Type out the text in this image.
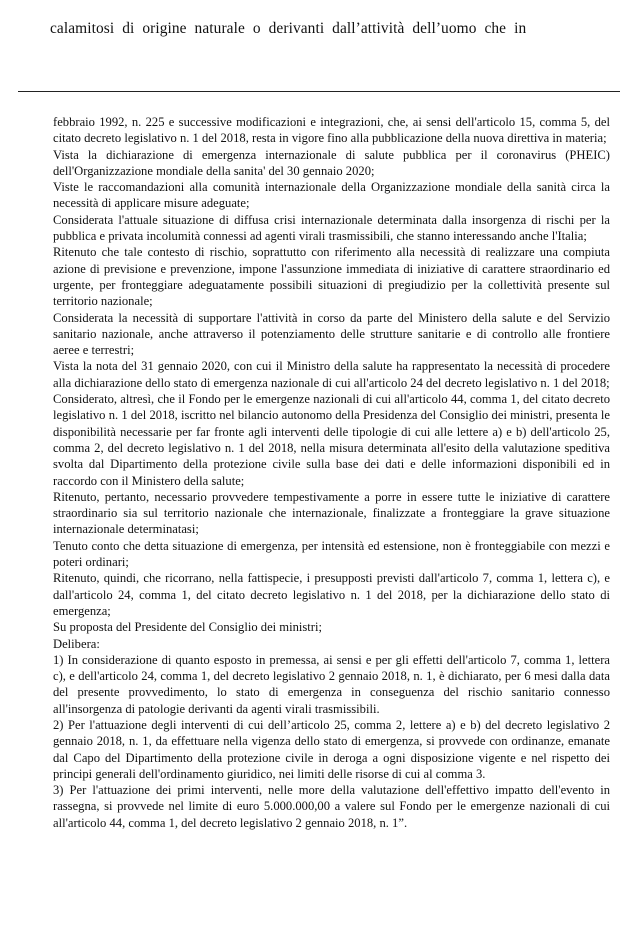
calamitosi di origine naturale o derivanti dall’attività dell’uomo che in

febbraio 1992, n. 225 e successive modificazioni e integrazioni, che, ai sensi dell'articolo 15, comma 5, del citato decreto legislativo n. 1 del 2018, resta in vigore fino alla pubblicazione della nuova direttiva in materia;

Vista la dichiarazione di emergenza internazionale di salute pubblica per il coronavirus (PHEIC) dell'Organizzazione mondiale della sanita' del 30 gennaio 2020;

Viste le raccomandazioni alla comunità internazionale della Organizzazione mondiale della sanità circa la necessità di applicare misure adeguate;

Considerata l'attuale situazione di diffusa crisi internazionale determinata dalla insorgenza di rischi per la pubblica e privata incolumità connessi ad agenti virali trasmissibili, che stanno interessando anche l'Italia;

Ritenuto che tale contesto di rischio, soprattutto con riferimento alla necessità di realizzare una compiuta azione di previsione e prevenzione, impone l'assunzione immediata di iniziative di carattere straordinario ed urgente, per fronteggiare adeguatamente possibili situazioni di pregiudizio per la collettività presente sul territorio nazionale;

Considerata la necessità di supportare l'attività in corso da parte del Ministero della salute e del Servizio sanitario nazionale, anche attraverso il potenziamento delle strutture sanitarie e di controllo alle frontiere aeree e terrestri;

Vista la nota del 31 gennaio 2020, con cui il Ministro della salute ha rappresentato la necessità di procedere alla dichiarazione dello stato di emergenza nazionale di cui all'articolo 24 del decreto legislativo n. 1 del 2018;

Considerato, altresì, che il Fondo per le emergenze nazionali di cui all'articolo 44, comma 1, del citato decreto legislativo n. 1 del 2018, iscritto nel bilancio autonomo della Presidenza del Consiglio dei ministri, presenta le disponibilità necessarie per far fronte agli interventi delle tipologie di cui alle lettere a) e b) dell'articolo 25, comma 2, del decreto legislativo n. 1 del 2018, nella misura determinata all'esito della valutazione speditiva svolta dal Dipartimento della protezione civile sulla base dei dati e delle informazioni disponibili ed in raccordo con il Ministero della salute;

Ritenuto, pertanto, necessario provvedere tempestivamente a porre in essere tutte le iniziative di carattere straordinario sia sul territorio nazionale che internazionale, finalizzate a fronteggiare la grave situazione internazionale determinatasi;

Tenuto conto che detta situazione di emergenza, per intensità ed estensione, non è fronteggiabile con mezzi e poteri ordinari;

Ritenuto, quindi, che ricorrano, nella fattispecie, i presupposti previsti dall'articolo 7, comma 1, lettera c), e dall'articolo 24, comma 1, del citato decreto legislativo n. 1 del 2018, per la dichiarazione dello stato di emergenza;

Su proposta del Presidente del Consiglio dei ministri;

Delibera:

1) In considerazione di quanto esposto in premessa, ai sensi e per gli effetti dell'articolo 7, comma 1, lettera c), e dell'articolo 24, comma 1, del decreto legislativo 2 gennaio 2018, n. 1, è dichiarato, per 6 mesi dalla data del presente provvedimento, lo stato di emergenza in conseguenza del rischio sanitario connesso all'insorgenza di patologie derivanti da agenti virali trasmissibili.

2) Per l'attuazione degli interventi di cui dell’articolo 25, comma 2, lettere a) e b) del decreto legislativo 2 gennaio 2018, n. 1, da effettuare nella vigenza dello stato di emergenza, si provvede con ordinanze, emanate dal Capo del Dipartimento della protezione civile in deroga a ogni disposizione vigente e nel rispetto dei principi generali dell'ordinamento giuridico, nei limiti delle risorse di cui al comma 3.

3) Per l'attuazione dei primi interventi, nelle more della valutazione dell'effettivo impatto dell'evento in rassegna, si provvede nel limite di euro 5.000.000,00 a valere sul Fondo per le emergenze nazionali di cui all'articolo 44, comma 1, del decreto legislativo 2 gennaio 2018, n. 1”.
